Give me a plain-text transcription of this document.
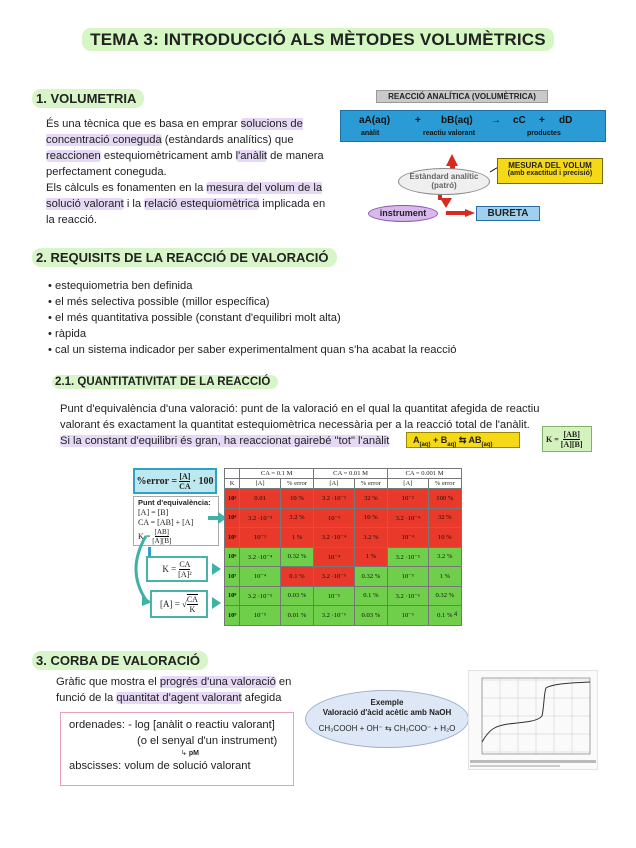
TEMA 3: INTRODUCCIÓ ALS MÈTODES VOLUMÈTRICS
1. VOLUMETRIA
És una tècnica que es basa en emprar solucions de concentració coneguda (estàndards analítics) que reaccionen estequiomètricament amb l'anàlit de manera perfectament coneguda.
Els càlculs es fonamenten en la mesura del volum de la solució valorant i la relació estequiomètrica implicada en la reacció.
REACCIÓ ANALÍTICA (VOLUMÈTRICA)
aA(aq) + bB(aq) → cC + dD
anàlit	reactiu valorant	productes
Estàndard analític (patró)
MESURA DEL VOLUM
(amb exactitud i precisió)
instrument	BURETA
2. REQUISITS DE LA REACCIÓ DE VALORACIÓ
• estequiometria ben definida
• el més selectiva possible (millor específica)
• el més quantitativa possible (constant d'equilibri molt alta)
• ràpida
• cal un sistema indicador per saber experimentalment quan s'ha acabat la reacció
2.1. QUANTITATIVITAT DE LA REACCIÓ
Punt d'equivalència d'una valoració: punt de la valoració en el qual la quantitat afegida de reactiu valorant és exactament la quantitat estequiomètrica necessària per a la reacció total de l'anàlit.
Si la constant d'equilibri és gran, ha reaccionat gairebé "tot" l'anàlit	$A_{(aq)} + B_{aq)}$ ⇆ $AB_{(aq)}$
$K = \frac{[AB]}{[A][B]}$
%error = $\frac{[A]}{CA} \cdot 100$
Punt d'equivalència:
[A] = [B]
CA = [AB] + [A]
$K = \frac{[AB]}{[A][B]}$
$K = \frac{CA}{\text{[A]²}}$
[A] = √ CA
K
	CA = 0.1 M		CA = 0.01 M		CA = 0.001 M	
K	[A]	% error	[A]	% error	[A]	% error
10²	0.01	10 %	3.2 ·10⁻²	32 %	10⁻²	100 %
10⁴	3.2 ·10⁻³	3.2 %	10⁻³	10 %	3.2 ·10⁻⁴	32 %
10⁵	10⁻³	1 %	3.2 ·10⁻⁴	3.2 %	10⁻⁴	10 %
10⁶	3.2 ·10⁻⁴	0.32 %	10⁻⁴	1 %	3.2 ·10⁻⁵	3.2 %
10⁷	10⁻⁴	0.1 %	3.2 ·10⁻⁵	0.32 %	10⁻⁵	1 %
10⁸	3.2 ·10⁻⁵	0.03 %	10⁻⁵	0.1 %	3.2 ·10⁻⁶	0.32 %
10⁹	10⁻⁵	0.01 %	3.2 ·10⁻⁶	0.03 %	10⁻⁶	0.1 % 4
3. CORBA DE VALORACIÓ
Gràfic que mostra el progrés d'una valoració en funció de la quantitat d'agent valorant afegida
ordenades: - log [anàlit o reactiu valorant]
(o el senyal d'un instrument)
↳ pM
abscisses: volum de solució valorant
Exemple
Valoració d'àcid acètic amb NaOH
CH₃COOH + OH⁻ ⇆ CH₃COO⁻ + H₂O
